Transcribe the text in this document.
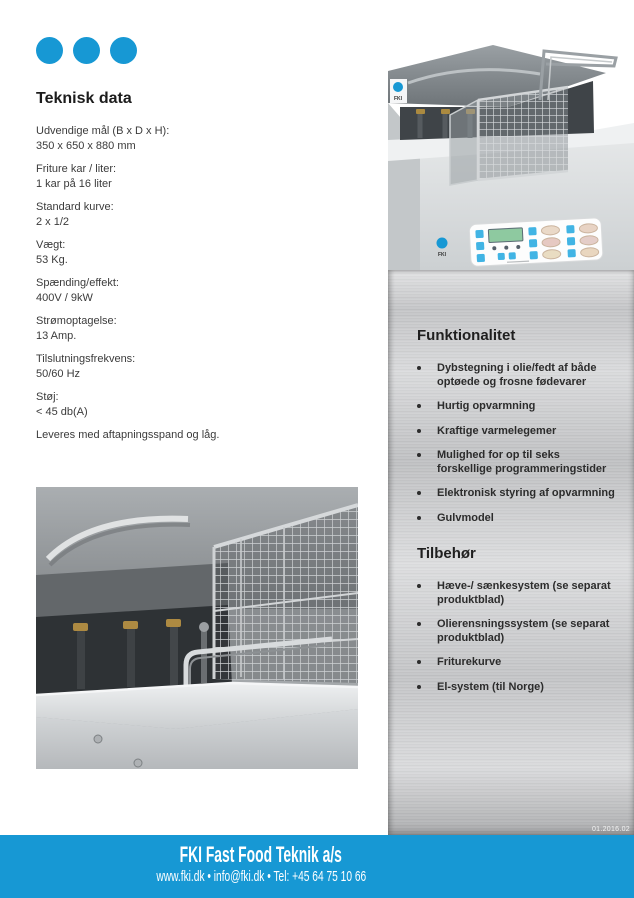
Teknisk data
Udvendige mål (B x D x H):
350 x 650 x 880 mm
Friture kar / liter:
1 kar på 16 liter
Standard kurve:
2 x 1/2
Vægt:
53 Kg.
Spænding/effekt:
400V / 9kW
Strømoptagelse:
13 Amp.
Tilslutningsfrekvens:
50/60 Hz
Støj:
< 45 db(A)
Leveres med aftapningsspand og låg.
FKI
FKI
Funktionalitet
Dybstegning i olie/fedt af både optøede og frosne fødevarer
Hurtig opvarmning
Kraftige varmelegemer
Mulighed for op til seks forskellige programmeringstider
Elektronisk styring af opvarmning
Gulvmodel
Tilbehør
Hæve-/ sænkesystem (se separat produktblad)
Olierensningssystem (se separat produktblad)
Friturekurve
El-system (til Norge)
01.2016.02
FKI Fast Food Teknik a/s
www.fki.dk • info@fki.dk • Tel: +45 64 75 10 66
